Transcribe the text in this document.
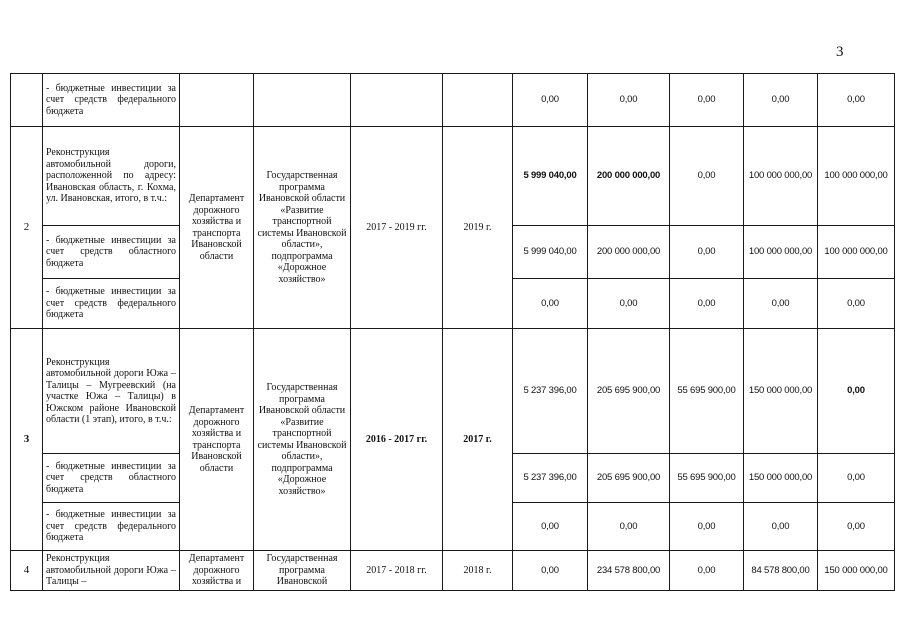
3
	- бюджетные инвестиции за счет средств федерального бюджета					0,00	0,00	0,00	0,00	0,00
2	Реконструкция автомобильной дороги, расположенной по адресу: Ивановская область, г. Кохма, ул. Ивановская, итого, в т.ч.:	Департамент дорожного хозяйства и транспорта Ивановской области	Государственная программа Ивановской области «Развитие транспортной системы Ивановской области», подпрограмма «Дорожное хозяйство»	2017 - 2019 гг.	2019 г.	5 999 040,00	200 000 000,00	0,00	100 000 000,00	100 000 000,00
	- бюджетные инвестиции за счет средств областного бюджета					5 999 040,00	200 000 000,00	0,00	100 000 000,00	100 000 000,00
	- бюджетные инвестиции за счет средств федерального бюджета					0,00	0,00	0,00	0,00	0,00
3	Реконструкция автомобильной дороги Южа – Талицы – Мугреевский (на участке Южа – Талицы) в Южском районе Ивановской области (1 этап), итого, в т.ч.:	Департамент дорожного хозяйства и транспорта Ивановской области	Государственная программа Ивановской области «Развитие транспортной системы Ивановской области», подпрограмма «Дорожное хозяйство»	2016 - 2017 гг.	2017 г.	5 237 396,00	205 695 900,00	55 695 900,00	150 000 000,00	0,00
	- бюджетные инвестиции за счет средств областного бюджета					5 237 396,00	205 695 900,00	55 695 900,00	150 000 000,00	0,00
	- бюджетные инвестиции за счет средств федерального бюджета					0,00	0,00	0,00	0,00	0,00
4	Реконструкция автомобильной дороги Южа – Талицы –	Департамент дорожного хозяйства и	Государственная программа Ивановской	2017 - 2018 гг.	2018 г.	0,00	234 578 800,00	0,00	84 578 800,00	150 000 000,00
